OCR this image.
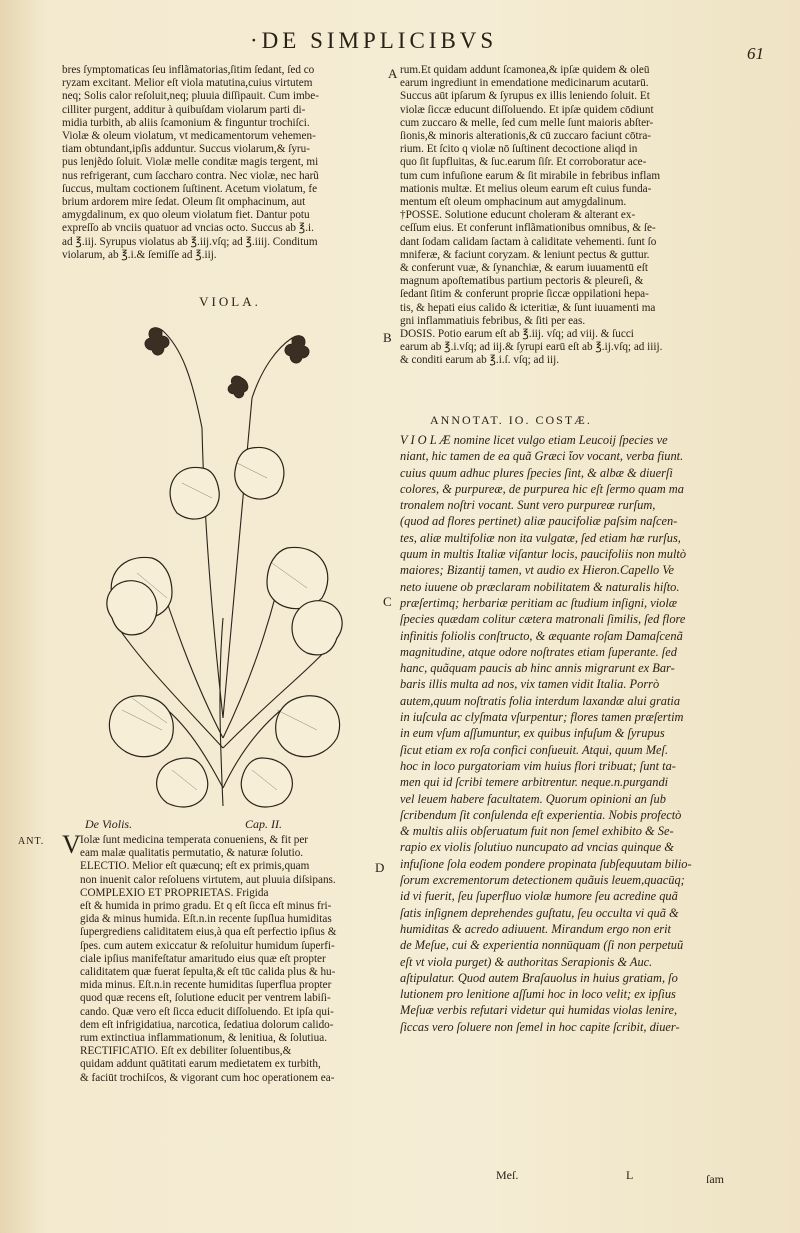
·DE SIMPLICIBVS
61

bres ſymptomaticas ſeu inflãmatorias,ſitim ſedant, ſed co

ryzam excitant. Melior eſt viola matutina,cuius virtutem

neq; Solis calor reſoluit,neq; pluuia diſſipauit. Cum imbe-

cilliter purgent, additur à quibuſdam violarum parti di-

midia turbith, ab aliis ſcamonium & finguntur trochiſci.

Violæ & oleum violatum, vt medicamentorum vehemen-

tiam obtundant,ipſis adduntur. Succus violarum,& ſyru-

pus lenjẽdo ſoluit. Violæ melle conditæ magis tergent, mi

nus refrigerant, cum ſaccharo contra. Nec violæ, nec harũ

ſuccus, multam coctionem ſuſtinent. Acetum violatum, fe

brium ardorem mire ſedat. Oleum ſit omphacinum, aut

amygdalinum, ex quo oleum violatum fiet. Dantur potu

expreſſo ab vnciis quatuor ad vncias octo. Succus ab ℥.i.

ad ℥.iij. Syrupus violatus ab ℥.iij.vſq; ad ℥.iiij. Conditum

violarum, ab ℥.i.& ſemiſſe ad ℥.iij.

VIOLA.
De Violis.	Cap. II.
ANT. V Iolæ ſunt medicina temperata conueniens, & fit per

eam malæ qualitatis permutatio, & naturæ ſolutio.

ELECTIO. Melior eſt quæcunq; eſt ex primis,quam

non inuenit calor reſoluens virtutem, aut pluuia diſsipans.

COMPLEXIO ET PROPRIETAS. Frigida

eſt & humida in primo gradu. Et q eſt ſicca eſt minus fri-

gida & minus humida. Eſt.n.in recente ſupſlua humiditas

ſupergrediens caliditatem eius,à qua eſt perfectio ipſius &

ſpes. cum autem exiccatur & reſoluitur humidum ſuperfi-

ciale ipſius manifeſtatur amaritudo eius quæ eſt propter

caliditatem quæ fuerat ſepulta,& eſt tūc calida plus & hu-

mida minus. Eſt.n.in recente humiditas ſuperflua propter

quod quæ recens eſt, ſolutione educit per ventrem labiſi-

cando. Quæ vero eſt ſicca educit diſſoluendo. Et ipſa qui-

dem eſt infrigidatiua, narcotica, ſedatiua dolorum calido-

rum extinctiua inflammationum, & lenitiua, & ſolutiua.

RECTIFICATIO. Eſt ex debiliter ſoluentibus,&

quidam addunt quātitati earum medietatem ex turbith,

& faciūt trochiſcos, & vigorant cum hoc operationem ea-

A
B
C
D

rum.Et quidam addunt ſcamonea,& ipſæ quidem & oleū

earum ingrediunt in emendatione medicinarum acutarū.

Succus aūt ipſarum & ſyrupus ex illis leniendo ſoluit. Et

violæ ſiccæ educunt diſſoluendo. Et ipſæ quidem cōdiunt

cum zuccaro & melle, ſed cum melle ſunt maioris abſter-

ſionis,& minoris alterationis,& cū zuccaro faciunt cōtra-

rium. Et ſcito q violæ nō ſuſtinent decoctione aliqd in

quo ſit ſupfluitas, & ſuc.earum ſiſr. Et corroboratur ace-

tum cum infuſione earum & ſit mirabile in febribus inflam

mationis multæ. Et melius oleum earum eſt cuius funda-

mentum eſt oleum omphacinum aut amygdalinum.

†POSSE. Solutione educunt choleram & alterant ex-

ceſſum eius. Et conferunt inflãmationibus omnibus, & ſe-

dant ſodam calidam ſactam à caliditate vehementi. ſunt ſo

mniferæ, & faciunt coryzam. & leniunt pectus & guttur.

& conferunt vuæ, & ſynanchiæ, & earum iuuamentū eſt

magnum apoſtematibus partium pectoris & pleureſi, &

ſedant ſitim & conferunt proprie ſiccæ oppilationi hepa-

tis, & hepati eius calido & icteritiæ, & ſunt iuuamenti ma

gni inflammatiuis febribus, & ſiti per eas.

DOSIS. Potio earum eſt ab ℥.iij. vſq; ad viij. & ſucci

earum ab ℥.i.vſq; ad iij.& ſyrupi earū eſt ab ℥.ij.vſq; ad iiij.

& conditi earum ab ℥.i.ſ. vſq; ad iij.

ANNOTAT. IO. COSTÆ.

V I O L Æ nomine licet vulgo etiam Leucoij ſpecies ve

niant, hic tamen de ea quã Græci ἴον vocant, verba fiunt.

cuius quum adhuc plures ſpecies ſint, & albæ & diuerſi

colores, & purpureæ, de purpurea hic eſt ſermo quam ma

tronalem noſtri vocant. Sunt vero purpureæ rurſum,

(quod ad flores pertinet) aliæ paucifoliæ paſsim naſcen-

tes, aliæ multifoliæ non ita vulgatæ, ſed etiam hæ rurſus,

quum in multis Italiæ viſantur locis, paucifoliis non multò

maiores; Bizantij tamen, vt audio ex Hieron.Capello Ve

neto iuuene ob præclaram nobilitatem & naturalis hiſto.

præſertimq; herbariæ peritiam ac ſtudium inſigni, violæ

ſpecies quædam colitur cætera matronali ſimilis, ſed flore

infinitis foliolis conſtructo, & æquante roſam Damaſcenã

magnitudine, atque odore noſtrates etiam ſuperante. ſed

hanc, quãquam paucis ab hinc annis migrarunt ex Bar-

baris illis multa ad nos, vix tamen vidit Italia. Porrò

autem,quum noſtratis folia interdum laxandæ alui gratia

in iuſcula ac clyſmata vſurpentur; flores tamen præſertim

in eum vſum aſſumuntur, ex quibus infuſum & ſyrupus

ſicut etiam ex roſa confici conſueuit. Atqui, quum Meſ.

hoc in loco purgatoriam vim huius flori tribuat; ſunt ta-

men qui id ſcribi temere arbitrentur. neque.n.purgandi

vel leuem habere facultatem. Quorum opinioni an ſub

ſcribendum ſit conſulenda eſt experientia. Nobis profectò

& multis aliis obſeruatum fuit non ſemel exhibito & Se-

rapio ex violis ſolutiuo nuncupato ad vncias quinque &

infuſione ſola eodem pondere propinata ſubſequutam bilio-

ſorum excrementorum detectionem quãuis leuem,quacūq;

id vi fuerit, ſeu ſuperfluo violæ humore ſeu acredine quã

ſatis inſignem deprehendes guſtatu, ſeu occulta vi quã &

humiditas & acredo adiuuent. Mirandum ergo non erit

de Meſue, cui & experientia nonnūquam (ſi non perpetuũ

eſt vt viola purget) & authoritas Serapionis & Auc.

aſtipulatur. Quod autem Braſauolus in huius gratiam, ſo

lutionem pro lenitione aſſumi hoc in loco velit; ex ipſius

Meſuæ verbis refutari videtur qui humidas violas lenire,

ſiccas vero ſoluere non ſemel in hoc capite ſcribit, diuer-

Meſ.	L	ſam
